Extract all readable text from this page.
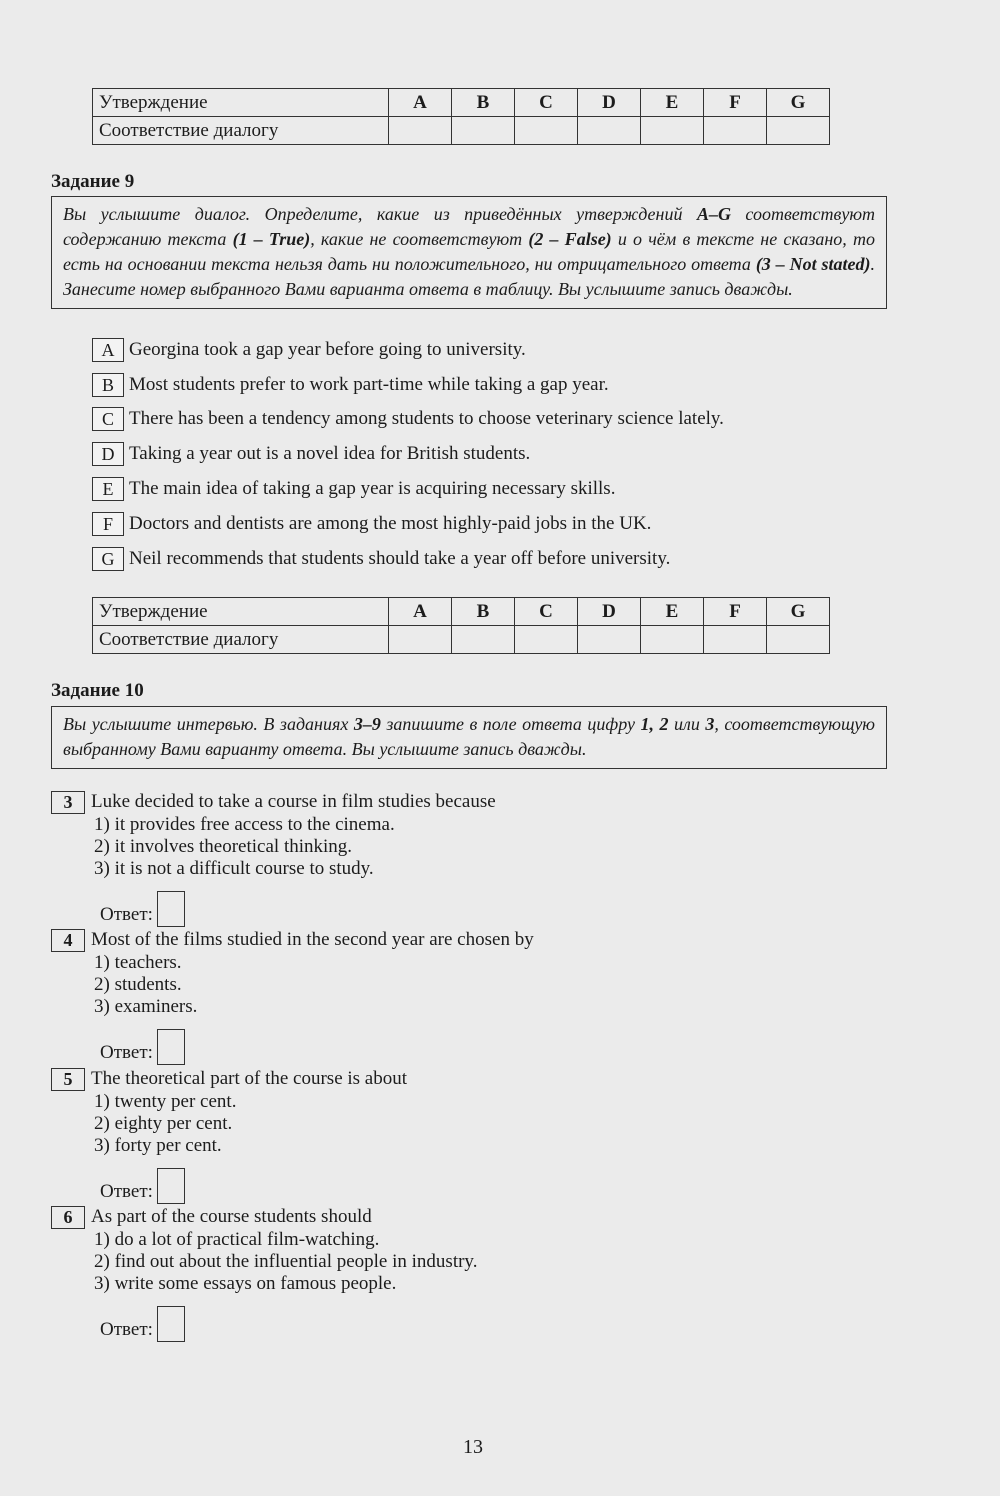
Утверждение	A	B	C	D	E	F	G
Соответствие диалогу							
Задание 9
Вы услышите диалог. Определите, какие из приведённых утверждений A–G соответствуют содержанию текста (1 – True), какие не соответствуют (2 – False) и о чём в тексте не сказано, то есть на основании текста нельзя дать ни положительного, ни отрицательного ответа (3 – Not stated). Занесите номер выбранного Вами варианта ответа в таблицу. Вы услышите запись дважды.
A Georgina took a gap year before going to university.
B Most students prefer to work part-time while taking a gap year.
C There has been a tendency among students to choose veterinary science lately.
D Taking a year out is a novel idea for British students.
E The main idea of taking a gap year is acquiring necessary skills.
F Doctors and dentists are among the most highly-paid jobs in the UK.
G Neil recommends that students should take a year off before university.
Утверждение	A	B	C	D	E	F	G
Соответствие диалогу							
Задание 10
Вы услышите интервью. В заданиях 3–9 запишите в поле ответа цифру 1, 2 или 3, соответствующую выбранному Вами варианту ответа. Вы услышите запись дважды.
3 Luke decided to take a course in film studies because
1) it provides free access to the cinema.
2) it involves theoretical thinking.
3) it is not a difficult course to study.
Ответ:
4 Most of the films studied in the second year are chosen by
1) teachers.
2) students.
3) examiners.
Ответ:
5 The theoretical part of the course is about
1) twenty per cent.
2) eighty per cent.
3) forty per cent.
Ответ:
6 As part of the course students should
1) do a lot of practical film-watching.
2) find out about the influential people in industry.
3) write some essays on famous people.
Ответ:
13
